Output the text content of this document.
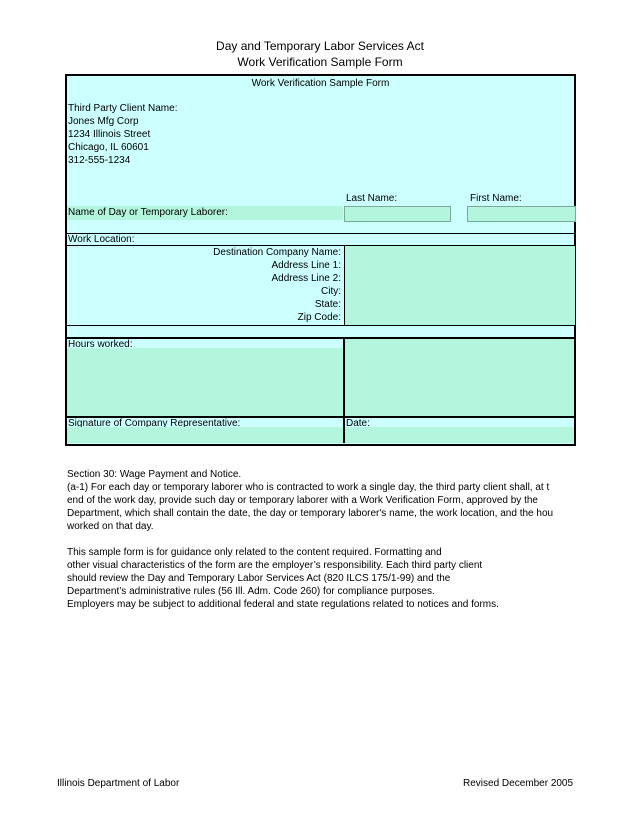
Day and Temporary Labor Services Act
Work Verification Sample Form
Work Verification Sample Form
Third Party Client Name:
Jones Mfg Corp
1234 Illinois Street
Chicago, IL 60601
312-555-1234
Last Name:	First Name:
Name of Day or Temporary Laborer:
Work Location:
Destination Company Name:
Address Line 1:
Address Line 2:
City:
State:
Zip Code:
Hours worked:
Signature of Company Representative:	Date:
Section 30: Wage Payment and Notice.
(a-1) For each day or temporary laborer who is contracted to work a single day, the third party client shall, at t
end of the work day, provide such day or temporary laborer with a Work Verification Form, approved by the
Department, which shall contain the date, the day or temporary laborer's name, the work location, and the hou
worked on that day.
This sample form is for guidance only related to the content required. Formatting and
other visual characteristics of the form are the employer’s responsibility. Each third party client
should review the Day and Temporary Labor Services Act (820 ILCS 175/1-99) and the
Department’s administrative rules (56 Ill. Adm. Code 260) for compliance purposes.
Employers may be subject to additional federal and state regulations related to notices and forms.
Illinois Department of Labor	Revised December 2005
